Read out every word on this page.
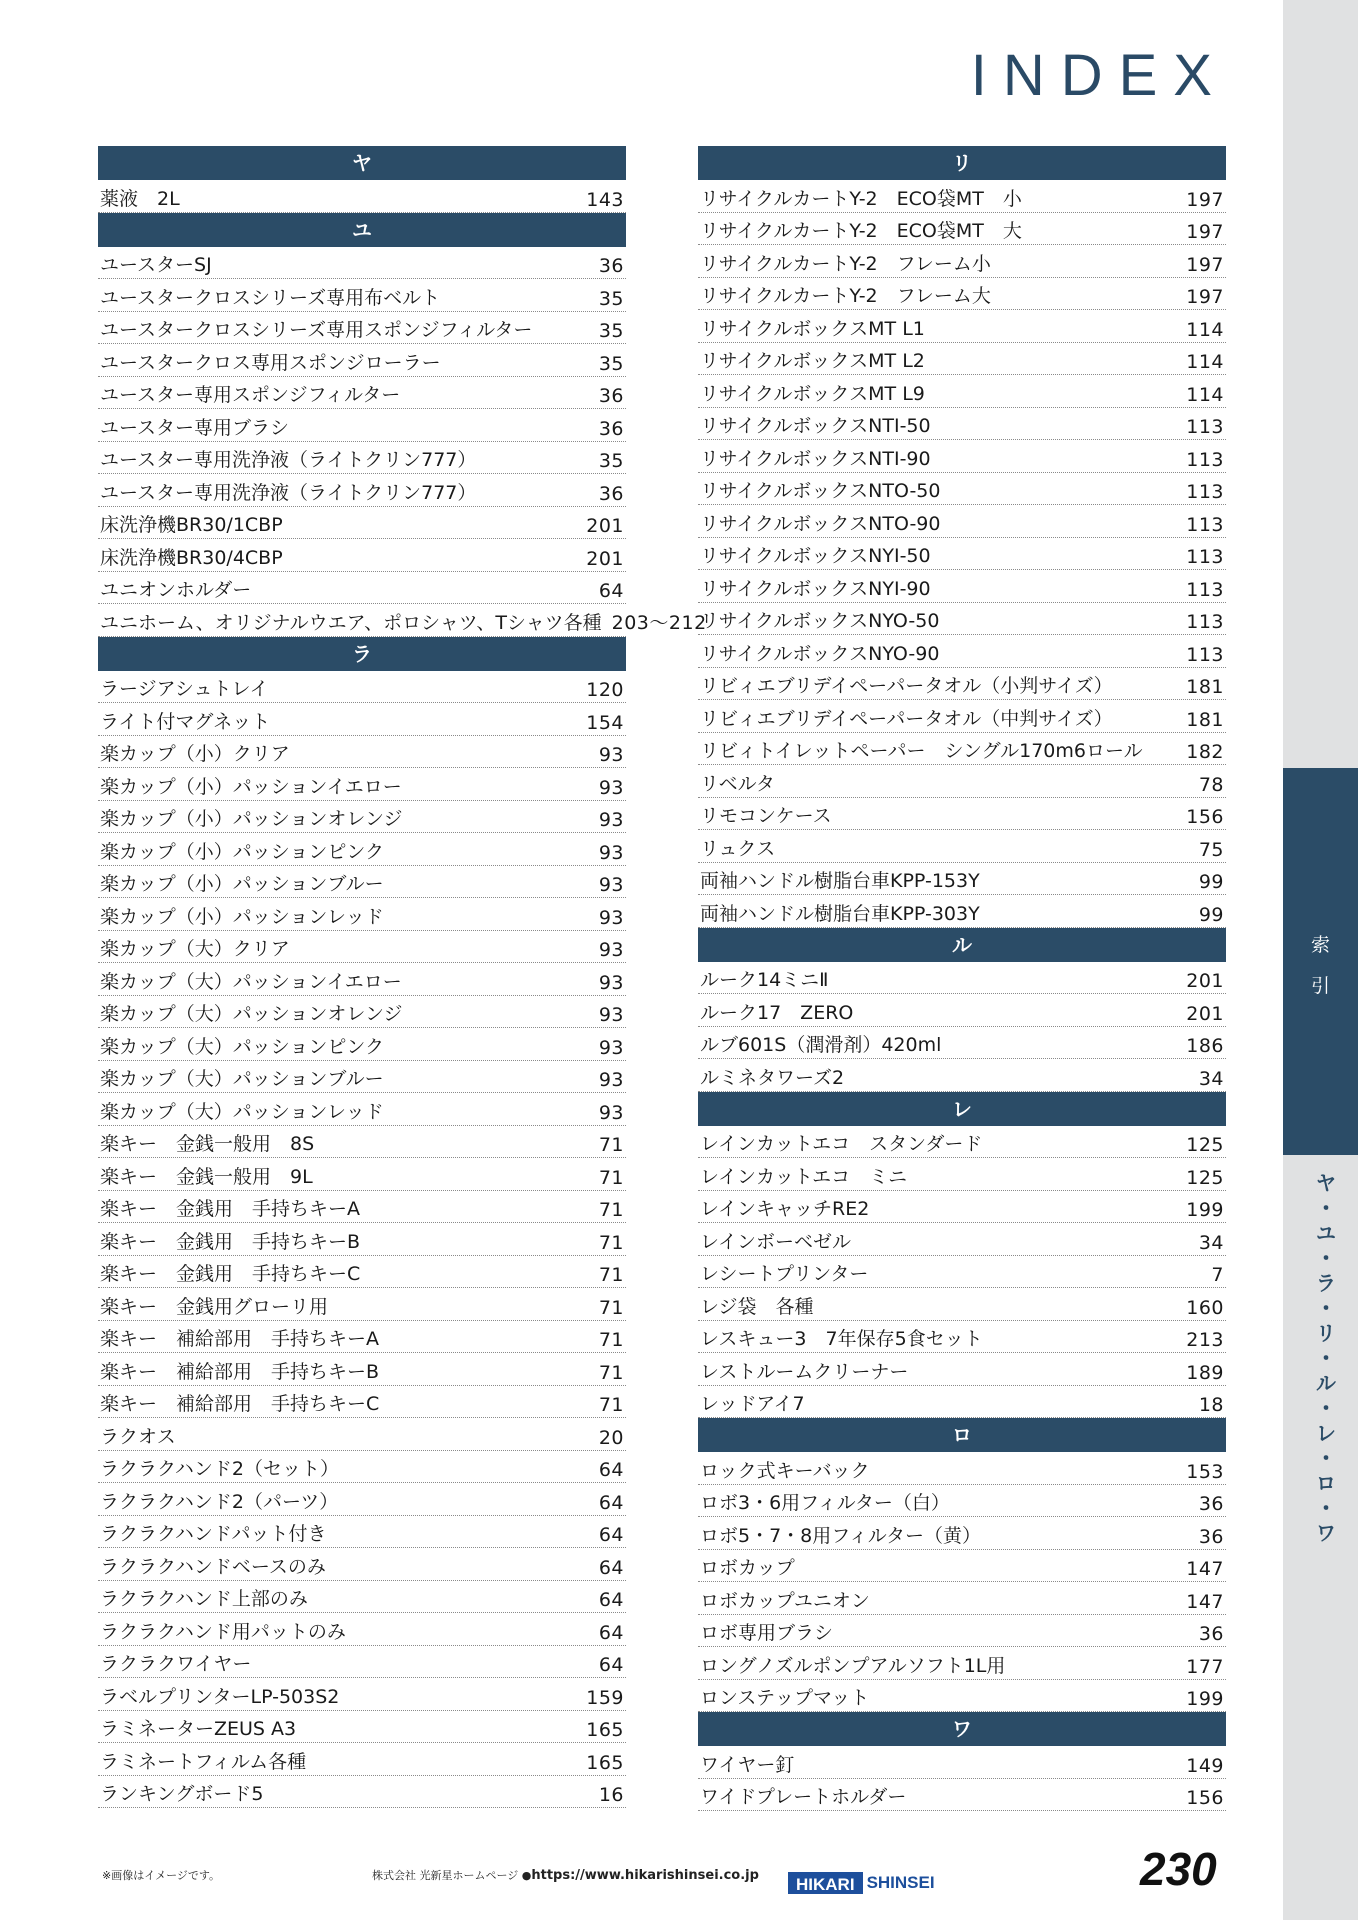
INDEX
ヤ
薬液　2L	143
ユ
ユースターSJ	36
ユースタークロスシリーズ専用布ベルト	35
ユースタークロスシリーズ専用スポンジフィルター	35
ユースタークロス専用スポンジローラー	35
ユースター専用スポンジフィルター	36
ユースター専用ブラシ	36
ユースター専用洗浄液（ライトクリン777）	35
ユースター専用洗浄液（ライトクリン777）	36
床洗浄機BR30/1CBP	201
床洗浄機BR30/4CBP	201
ユニオンホルダー	64
ユニホーム、オリジナルウエア、ポロシャツ、Tシャツ各種 203～212
ラ
ラージアシュトレイ	120
ライト付マグネット	154
楽カップ（小）クリア	93
楽カップ（小）パッションイエロー	93
楽カップ（小）パッションオレンジ	93
楽カップ（小）パッションピンク	93
楽カップ（小）パッションブルー	93
楽カップ（小）パッションレッド	93
楽カップ（大）クリア	93
楽カップ（大）パッションイエロー	93
楽カップ（大）パッションオレンジ	93
楽カップ（大）パッションピンク	93
楽カップ（大）パッションブルー	93
楽カップ（大）パッションレッド	93
楽キー　金銭一般用　8S	71
楽キー　金銭一般用　9L	71
楽キー　金銭用　手持ちキーA	71
楽キー　金銭用　手持ちキーB	71
楽キー　金銭用　手持ちキーC	71
楽キー　金銭用グローリ用	71
楽キー　補給部用　手持ちキーA	71
楽キー　補給部用　手持ちキーB	71
楽キー　補給部用　手持ちキーC	71
ラクオス	20
ラクラクハンド2（セット）	64
ラクラクハンド2（パーツ）	64
ラクラクハンドパット付き	64
ラクラクハンドベースのみ	64
ラクラクハンド上部のみ	64
ラクラクハンド用パットのみ	64
ラクラクワイヤー	64
ラベルプリンターLP-503S2	159
ラミネーターZEUS A3	165
ラミネートフィルム各種	165
ランキングボード5	16
リ
リサイクルカートY-2　ECO袋MT　小	197
リサイクルカートY-2　ECO袋MT　大	197
リサイクルカートY-2　フレーム小	197
リサイクルカートY-2　フレーム大	197
リサイクルボックスMT L1	114
リサイクルボックスMT L2	114
リサイクルボックスMT L9	114
リサイクルボックスNTI-50	113
リサイクルボックスNTI-90	113
リサイクルボックスNTO-50	113
リサイクルボックスNTO-90	113
リサイクルボックスNYI-50	113
リサイクルボックスNYI-90	113
リサイクルボックスNYO-50	113
リサイクルボックスNYO-90	113
リビィエブリデイペーパータオル（小判サイズ）	181
リビィエブリデイペーパータオル（中判サイズ）	181
リビィトイレットペーパー　シングル170m6ロール 182
リベルタ	78
リモコンケース	156
リュクス	75
両袖ハンドル樹脂台車KPP-153Y	99
両袖ハンドル樹脂台車KPP-303Y	99
ル
ルーク14ミニⅡ	201
ルーク17　ZERO	201
ルブ601S（潤滑剤）420ml	186
ルミネタワーズ2	34
レ
レインカットエコ　スタンダード	125
レインカットエコ　ミニ	125
レインキャッチRE2	199
レインボーベゼル	34
レシートプリンター	7
レジ袋　各種	160
レスキュー3　7年保存5食セット	213
レストルームクリーナー	189
レッドアイ7	18
ロ
ロック式キーバック	153
ロボ3・6用フィルター（白）	36
ロボ5・7・8用フィルター（黄）	36
ロボカップ	147
ロボカップユニオン	147
ロボ専用ブラシ	36
ロングノズルポンプアルソフト1L用	177
ロンステップマット	199
ワ
ワイヤー釘	149
ワイドプレートホルダー	156
索
引
ヤ・ユ・ラ・リ・ル・レ・ロ・ワ
※画像はイメージです。	株式会社 光新星ホームページ ●https://www.hikarishinsei.co.jp	HIKARI SHINSEI	230
